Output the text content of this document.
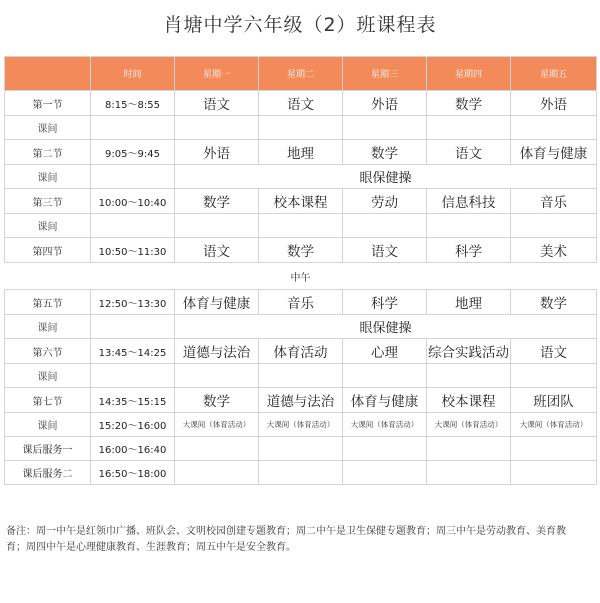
肖塘中学六年级（2）班课程表
	时间	星期一	星期二	星期三	星期四	星期五
第一节	8:15～8:55	语文	语文	外语	数学	外语
课间						
第二节	9:05～9:45	外语	地理	数学	语文	体育与健康
课间		眼保健操				
第三节	10:00～10:40	数学	校本课程	劳动	信息科技	音乐
课间						
第四节	10:50～11:30	语文	数学	语文	科学	美术
中午						
第五节	12:50～13:30	体育与健康	音乐	科学	地理	数学
课间		眼保健操				
第六节	13:45～14:25	道德与法治	体育活动	心理	综合实践活动	语文
课间						
第七节	14:35～15:15	数学	道德与法治	体育与健康	校本课程	班团队
课间	15:20～16:00	大课间（体育活动）	大课间（体育活动）	大课间（体育活动）	大课间（体育活动）	大课间（体育活动）
课后服务一	16:00～16:40					
课后服务二	16:50～18:00					
备注：周一中午是红领巾广播、班队会、文明校园创建专题教育；周二中午是卫生保健专题教育；周三中午是劳动教育、美育教
育；周四中午是心理健康教育、生涯教育；周五中午是安全教育。
